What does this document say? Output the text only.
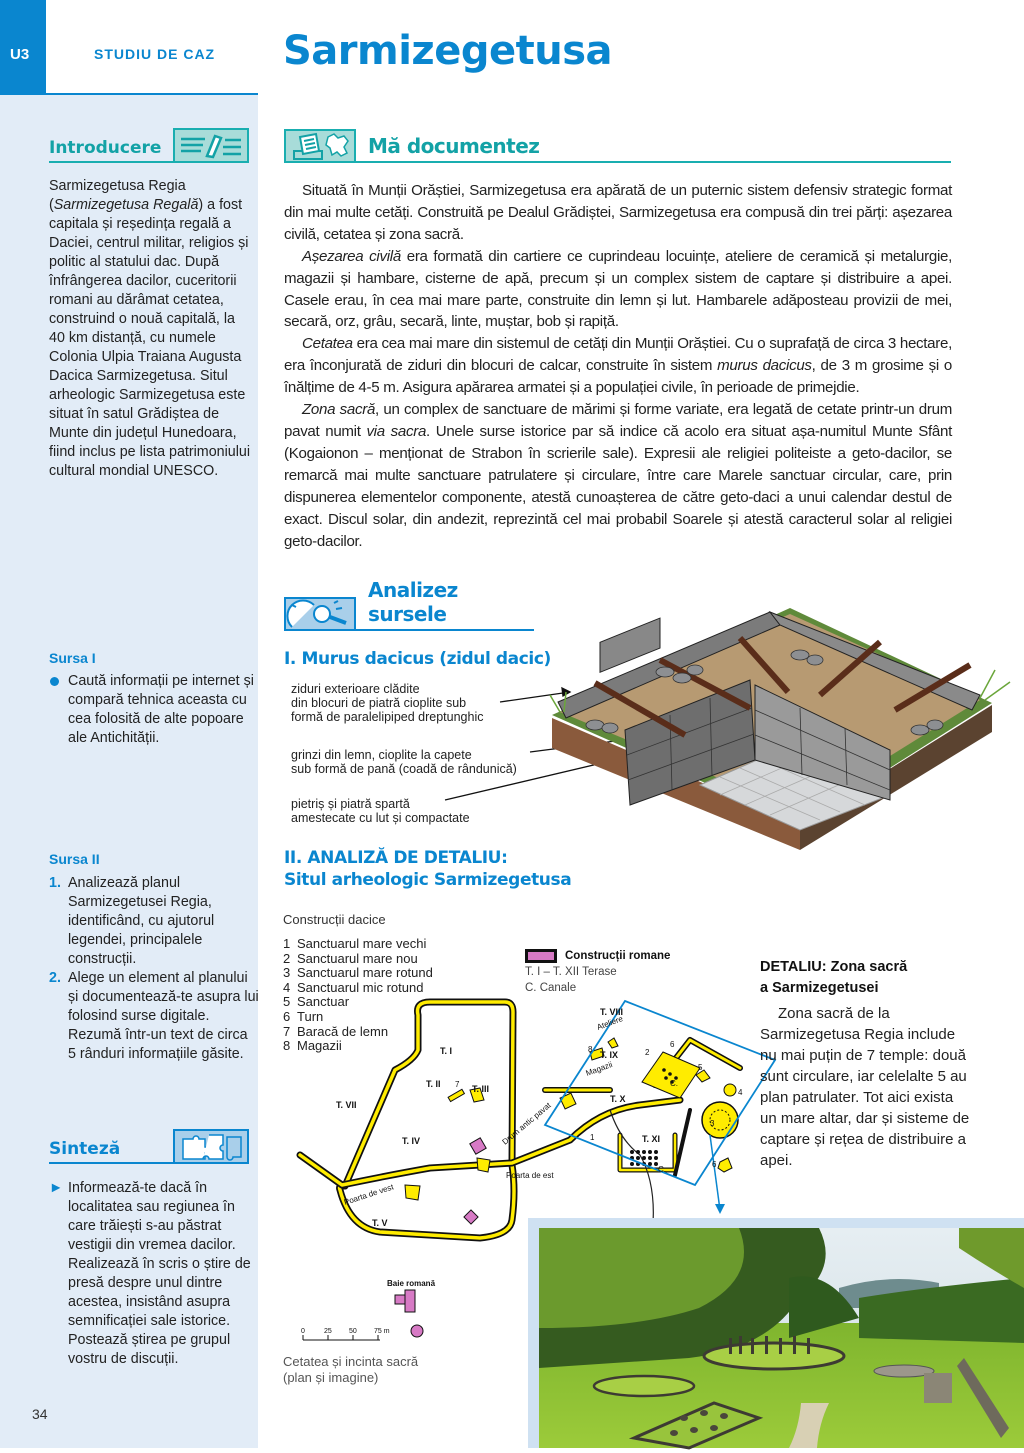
U3	STUDIU DE CAZ Sarmizegetusa
Introducere
Sarmizegetusa Regia (Sarmizegetusa Regală) a fost capitala și reședința regală a Daciei, centrul militar, religios și politic al statului dac. După înfrângerea dacilor, cuceritorii romani au dărâmat cetatea, construind o nouă capitală, la 40 km distanță, cu numele Colonia Ulpia Traiana Augusta Dacica Sarmizegetusa. Situl arheologic Sarmizegetusa este situat în satul Grădiștea de Munte din județul Hunedoara, fiind inclus pe lista patrimoniului cultural mondial UNESCO.
Sursa I
Caută informații pe internet și compară tehnica aceasta cu cea folosită de alte popoare ale Antichității.
Sursa II
1. Analizează planul Sarmizegetusei Regia, identificând, cu ajutorul legendei, principalele construcții.
2. Alege un element al planului și documentează-te asupra lui folosind surse digitale. Rezumă într-un text de circa 5 rânduri informațiile găsite.
Sinteză
► Informează-te dacă în localitatea sau regiunea în care trăiești s-au păstrat vestigii din vremea dacilor. Realizează în scris o știre de presă despre unul dintre acestea, insistând asupra semnificației sale istorice. Postează știrea pe grupul vostru de discuții.
34
Mă documentez

Situată în Munții Orăștiei, Sarmizegetusa era apărată de un puternic sistem defensiv strategic format din mai multe cetăți. Construită pe Dealul Grădiștei, Sarmizegetusa era compusă din trei părți: așezarea civilă, cetatea și zona sacră.

Așezarea civilă era formată din cartiere ce cuprindeau locuințe, ateliere de ceramică și metalurgie, magazii și hambare, cisterne de apă, precum și un complex sistem de captare și distribuire a apei. Casele erau, în cea mai mare parte, construite din lemn și lut. Hambarele adăposteau provizii de mei, secară, orz, grâu, secară, linte, muștar, bob și rapiță.

Cetatea era cea mai mare din sistemul de cetăți din Munții Orăștiei. Cu o suprafață de circa 3 hectare, era înconjurată de ziduri din blocuri de calcar, construite în sistem murus dacicus, de 3 m grosime și o înălțime de 4-5 m. Asigura apărarea armatei și a populației civile, în perioade de primejdie.

Zona sacră, un complex de sanctuare de mărimi și forme variate, era legată de cetate printr-un drum pavat numit via sacra. Unele surse istorice par să indice că acolo era situat așa-numitul Munte Sfânt (Kogaionon – menționat de Strabon în scrierile sale). Expresii ale religiei politeiste a geto-dacilor, se remarcă mai multe sanctuare patrulatere și circulare, între care Marele sanctuar circular, care, prin dispunerea elementelor componente, atestă cunoașterea de către geto-daci a unui calendar destul de exact. Discul solar, din andezit, reprezintă cel mai probabil Soarele și atestă caracterul solar al religiei geto-dacilor.

Analizez sursele
I. Murus dacicus (zidul dacic)
ziduri exterioare clădite
din blocuri de piatră cioplite sub
formă de paralelipiped dreptunghic
grinzi din lemn, cioplite la capete
sub formă de pană (coadă de rândunică)
pietriș și piatră spartă
amestecate cu lut și compactate
II. ANALIZĂ DE DETALIU:
Situl arheologic Sarmizegetusa
Construcții dacice
1 Sanctuarul mare vechi
2 Sanctuarul mare nou
3 Sanctuarul mare rotund
4 Sanctuarul mic rotund
5 Sanctuar
6 Turn
7 Baracă de lemn
8 Magazii
Construcții romane
T. I – T. XII Terase
C. Canale
T. I
T. II	T. III
T. VII
T. IV
T. V
T. VIII
T. IX
T. X
T. XI
7
8	2
6
5
4
3
1
6
C.
C.
Poarta de est
Poarta de vest
Drum antic pavat
Ateliere
Magazii
Baie romană
0	25 50 75 m
Cetatea și incinta sacră
(plan și imagine)
DETALIU: Zona sacră
a Sarmizegetusei
Zona sacră de la Sarmizegetusa Regia include nu mai puțin de 7 temple: două sunt circulare, iar celelalte 5 au plan patrulater. Tot aici exista un mare altar, dar și sisteme de captare și rețea de distribuire a apei.
